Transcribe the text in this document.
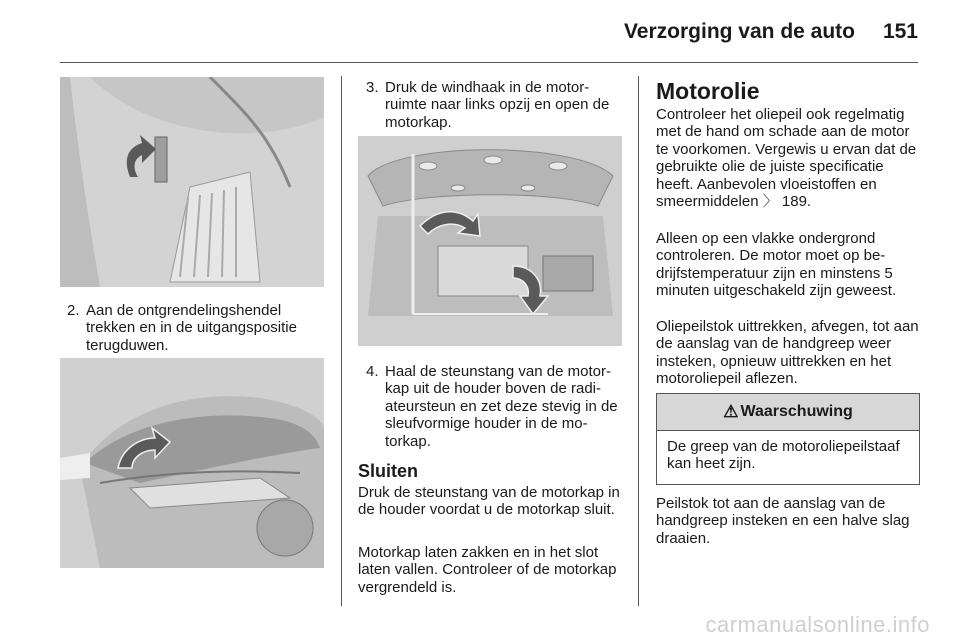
Verzorging van de auto 151
2. Aan de ontgrendelingshendel trekken en in de uitgangspositie terugduwen.
3. Druk de windhaak in de motorruimte naar links opzij en open de motorkap.
4. Haal de steunstang van de motorkap uit de houder boven de radiateursteun en zet deze stevig in de sleufvormige houder in de motorkap.
Sluiten
Druk de steunstang van de motorkap in de houder voordat u de motorkap sluit.
Motorkap laten zakken en in het slot laten vallen. Controleer of de motorkap vergrendeld is.
Motorolie
Controleer het oliepeil ook regelmatig met de hand om schade aan de motor te voorkomen. Vergewis u ervan dat de gebruikte olie de juiste specificatie heeft. Aanbevolen vloeistoffen en smeermiddelen 〉 189.
Alleen op een vlakke ondergrond controleren. De motor moet op bedrijfstemperatuur zijn en minstens 5 minuten uitgeschakeld zijn geweest.
Oliepeilstok uittrekken, afvegen, tot aan de aanslag van de handgreep weer insteken, opnieuw uittrekken en het motoroliepeil aflezen.
⚠ Waarschuwing
De greep van de motoroliepeilstaaf kan heet zijn.
Peilstok tot aan de aanslag van de handgreep insteken en een halve slag draaien.
carmanualsonline.info
